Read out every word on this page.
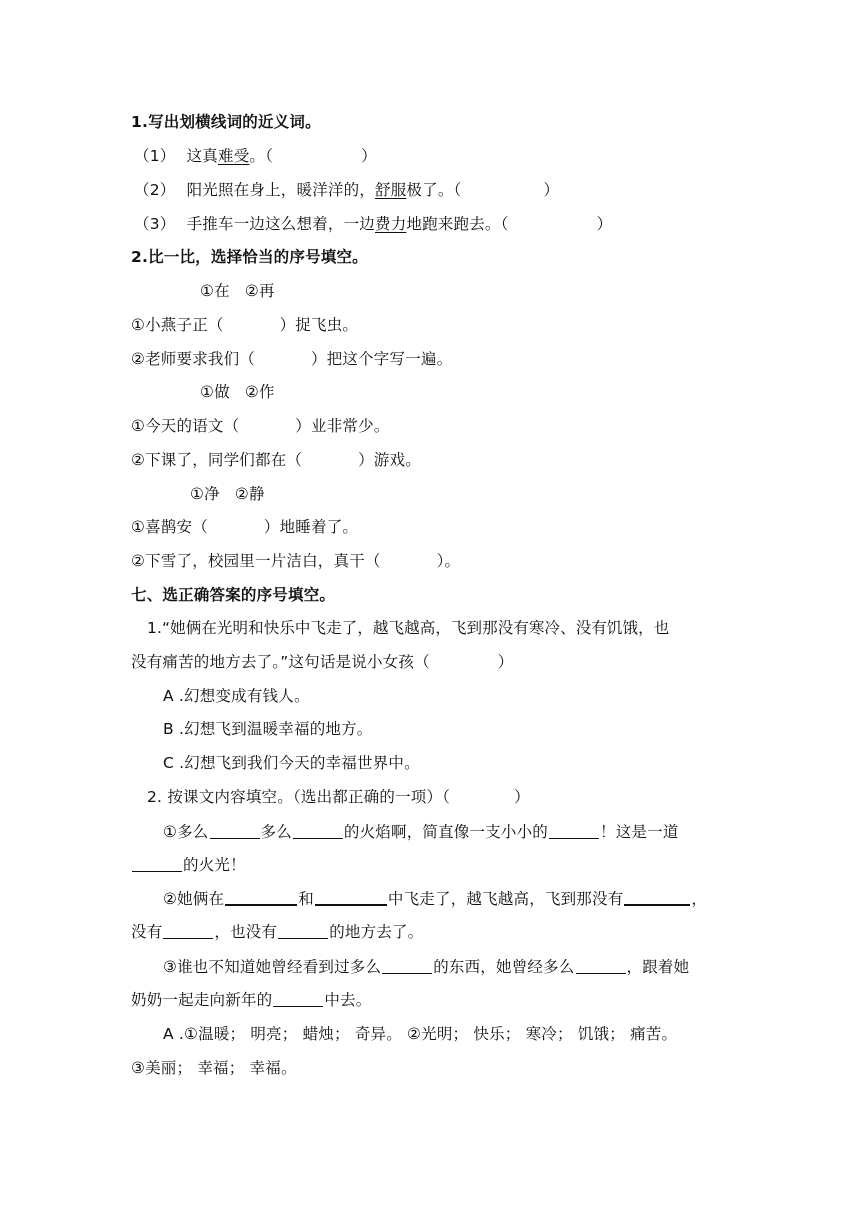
1.写出划横线词的近义词。
（1） 这真难受。（	）
（2） 阳光照在身上，暖洋洋的，舒服极了。（	）
（3） 手推车一边这么想着，一边费力地跑来跑去。（	）
2.比一比，选择恰当的序号填空。
①在 ②再
①小燕子正（	）捉飞虫。
②老师要求我们（	）把这个字写一遍。
①做 ②作
①今天的语文（	）业非常少。
②下课了，同学们都在（	）游戏。
①净 ②静
①喜鹊安（	）地睡着了。
②下雪了，校园里一片洁白，真干（	）。
七、选正确答案的序号填空。
1.“她俩在光明和快乐中飞走了，越飞越高，飞到那没有寒冷、没有饥饿，也
没有痛苦的地方去了。”这句话是说小女孩（	）
A .幻想变成有钱人。
B .幻想飞到温暖幸福的地方。
C .幻想飞到我们今天的幸福世界中。
2. 按课文内容填空。（选出都正确的一项）（	）
①多么	多么	的火焰啊，简直像一支小小的	！这是一道
的火光！
②她俩在	和	中飞走了，越飞越高，飞到那没有	，
没有	，也没有	的地方去了。
③谁也不知道她曾经看到过多么	的东西，她曾经多么	，跟着她
奶奶一起走向新年的	中去。
A .①温暖； 明亮； 蜡烛； 奇异。 ②光明； 快乐； 寒冷； 饥饿； 痛苦。
③美丽； 幸福； 幸福。
